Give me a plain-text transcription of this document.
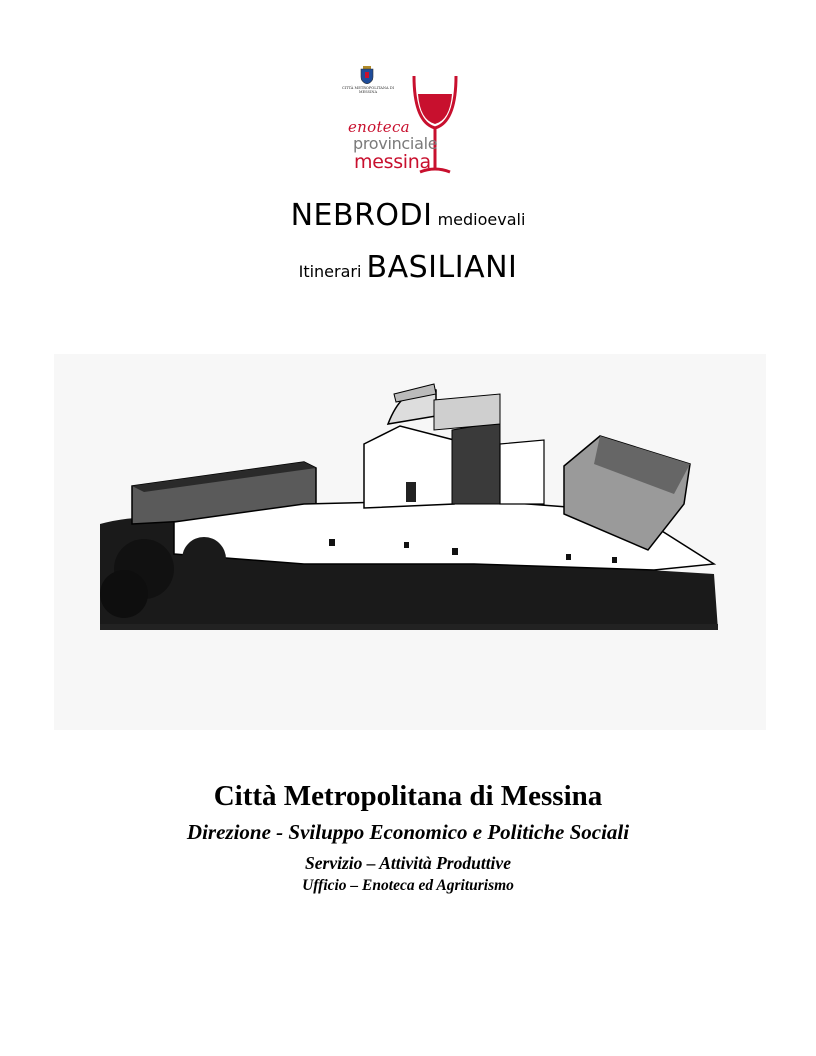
CITTÀ METROPOLITANA DI MESSINA
enoteca
provinciale
messina
NEBRODI medioevali
Itinerari BASILIANI
Città Metropolitana di Messina
Direzione - Sviluppo Economico e Politiche Sociali
Servizio – Attività Produttive
Ufficio – Enoteca ed Agriturismo
